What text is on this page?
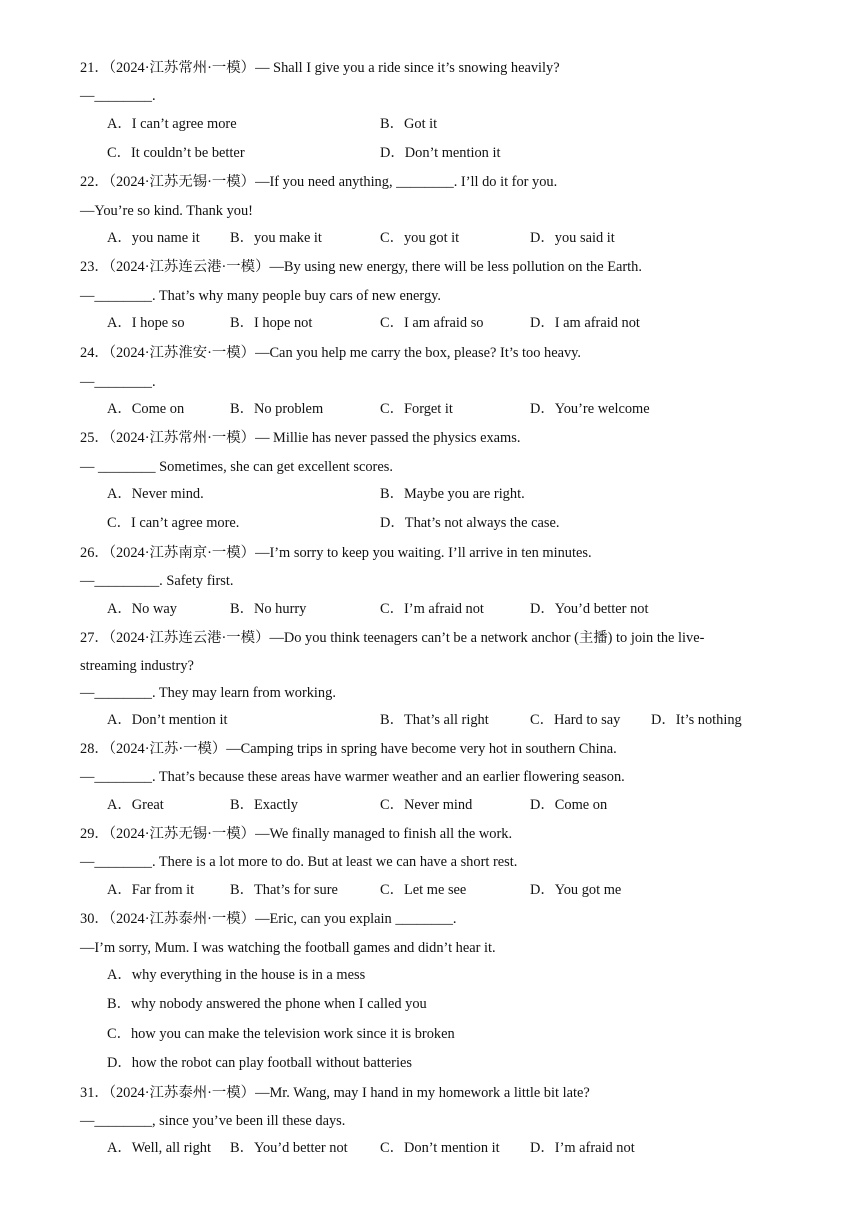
21．（2024·江苏常州·一模）— Shall I give you a ride since it’s snowing heavily?
—________.
A．I can’t agree more	B．Got it
C．It couldn’t be better	D．Don’t mention it
22．（2024·江苏无锡·一模）—If you need anything, ________. I’ll do it for you.
—You’re so kind. Thank you!
A．you name it B．you make it	C．you got it	D．you said it
23．（2024·江苏连云港·一模）—By using new energy, there will be less pollution on the Earth.
—________. That’s why many people buy cars of new energy.
A．I hope so	B．I hope not	C．I am afraid so	D．I am afraid not
24．（2024·江苏淮安·一模）—Can you help me carry the box, please? It’s too heavy.
—________.
A．Come on	B．No problem	C．Forget it	D．You’re welcome
25．（2024·江苏常州·一模）— Millie has never passed the physics exams.
— ________ Sometimes, she can get excellent scores.
A．Never mind.	B．Maybe you are right.
C．I can’t agree more.	D．That’s not always the case.
26．（2024·江苏南京·一模）—I’m sorry to keep you waiting. I’ll arrive in ten minutes.
—_________. Safety first.
A．No way	B．No hurry	C．I’m afraid not	D．You’d better not
27．（2024·江苏连云港·一模）—Do you think teenagers can’t be a network anchor (主播) to join the live-
streaming industry?
—________. They may learn from working.
A．Don’t mention it	B．That’s all right	C．Hard to say D．It’s nothing
28．（2024·江苏·一模）—Camping trips in spring have become very hot in southern China.
—________. That’s because these areas have warmer weather and an earlier flowering season.
A．Great	B．Exactly	C．Never mind	D．Come on
29．（2024·江苏无锡·一模）—We finally managed to finish all the work.
—________. There is a lot more to do. But at least we can have a short rest.
A．Far from it B．That’s for sure	C．Let me see	D．You got me
30．（2024·江苏泰州·一模）—Eric, can you explain ________.
—I’m sorry, Mum. I was watching the football games and didn’t hear it.
A．why everything in the house is in a mess
B．why nobody answered the phone when I called you
C．how you can make the television work since it is broken
D．how the robot can play football without batteries
31．（2024·江苏泰州·一模）—Mr. Wang, may I hand in my homework a little bit late?
—________, since you’ve been ill these days.
A．Well, all right B．You’d better not C．Don’t mention it D．I’m afraid not
